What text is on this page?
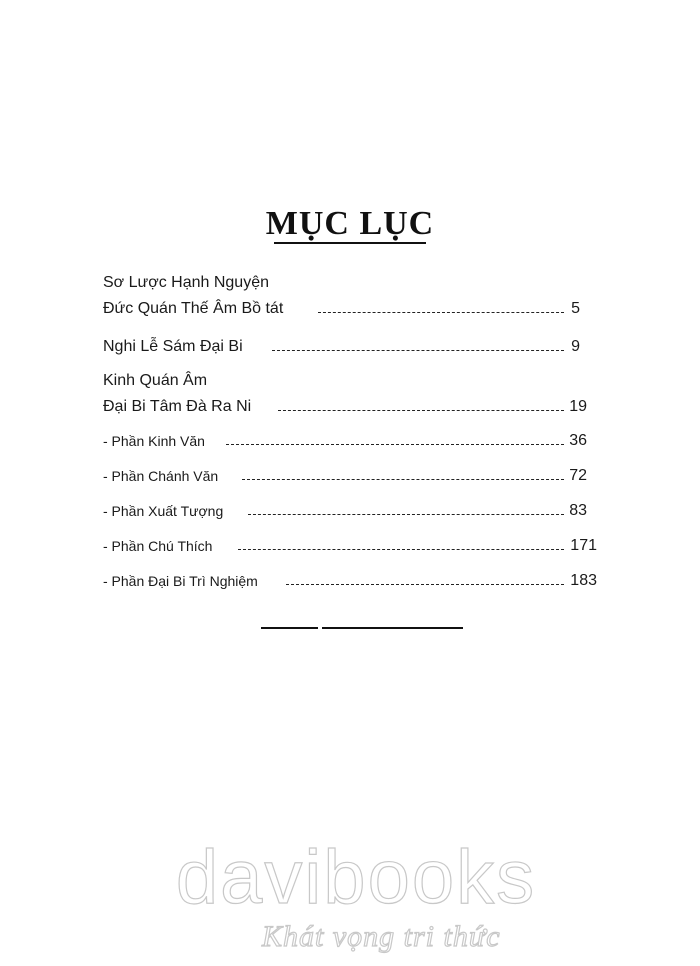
MỤC LỤC
Sơ Lược Hạnh Nguyện
Đức Quán Thế Âm Bồ tát	5
Nghi Lễ Sám Đại Bi	9
Kinh Quán Âm
Đại Bi Tâm Đà Ra Ni	19
- Phần Kinh Văn	36
- Phần Chánh Văn	72
- Phần Xuất Tượng	83
- Phần Chú Thích	171
- Phần Đại Bi Trì Nghiệm	183
davibooks
Khát vọng tri thức
